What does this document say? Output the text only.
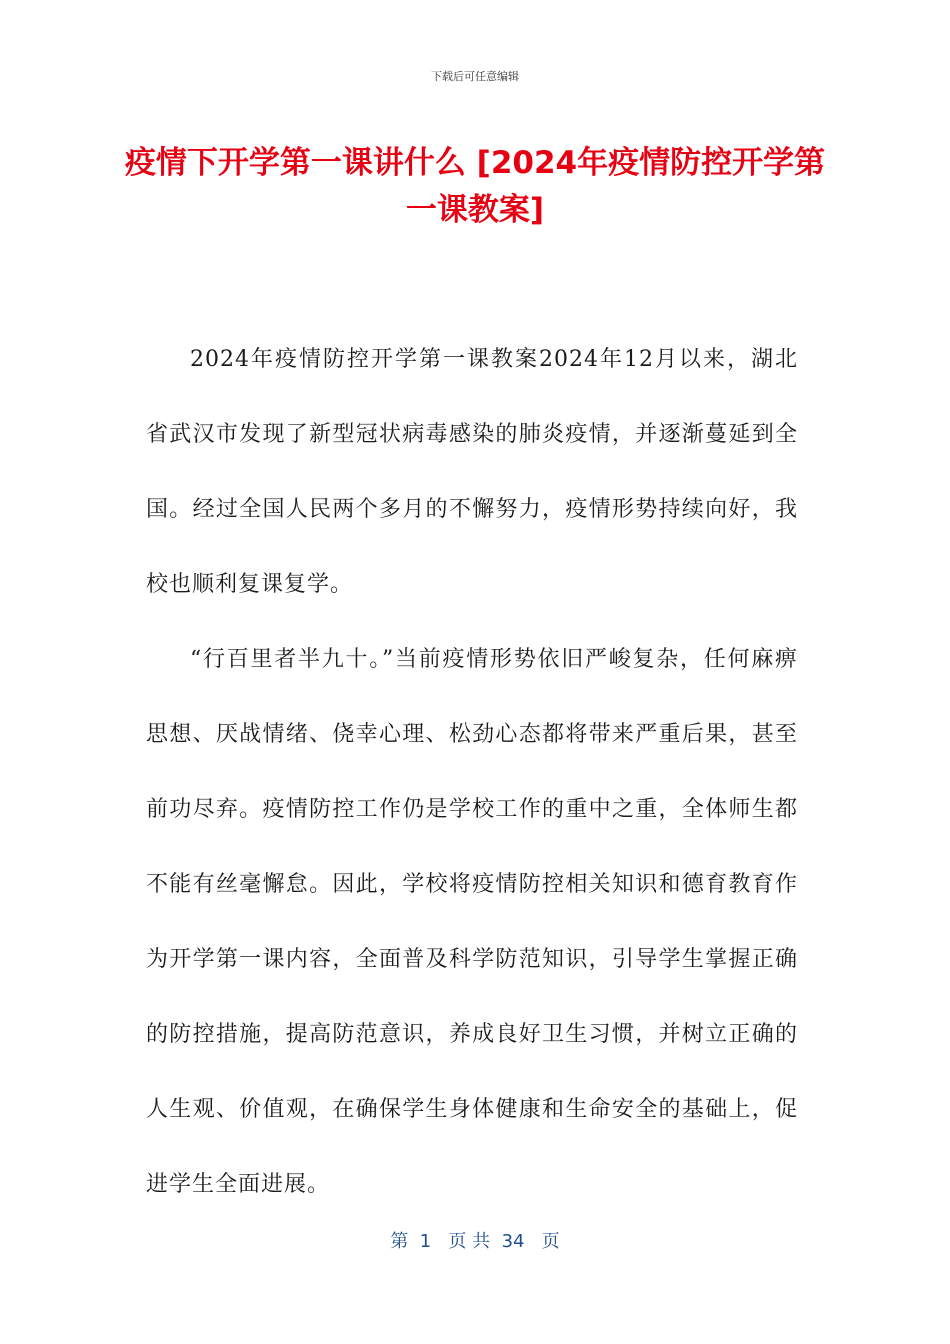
下载后可任意编辑
疫情下开学第一课讲什么 [2024年疫情防控开学第一课教案]

2024年疫情防控开学第一课教案2024年12月以来，湖北省武汉市发现了新型冠状病毒感染的肺炎疫情，并逐渐蔓延到全国。经过全国人民两个多月的不懈努力，疫情形势持续向好，我校也顺利复课复学。

“行百里者半九十。”当前疫情形势依旧严峻复杂，任何麻痹思想、厌战情绪、侥幸心理、松劲心态都将带来严重后果，甚至前功尽弃。疫情防控工作仍是学校工作的重中之重，全体师生都不能有丝毫懈怠。因此，学校将疫情防控相关知识和德育教育作为开学第一课内容，全面普及科学防范知识，引导学生掌握正确的防控措施，提高防范意识，养成良好卫生习惯，并树立正确的人生观、价值观，在确保学生身体健康和生命安全的基础上，促进学生全面进展。

第  1   页 共  34   页
